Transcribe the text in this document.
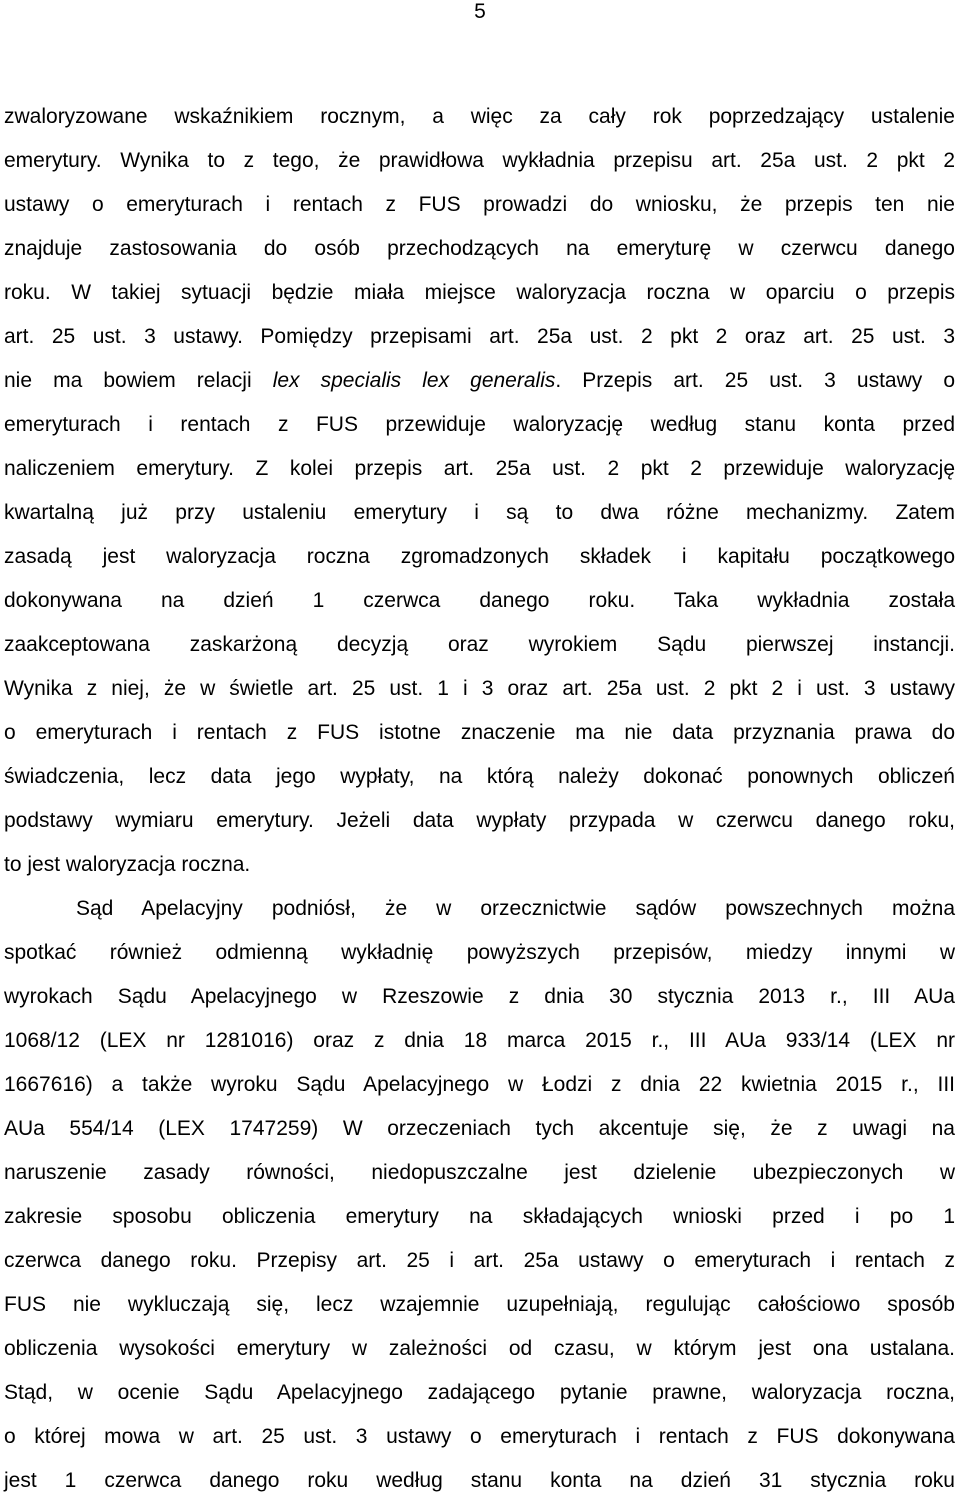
5
zwaloryzowane wskaźnikiem rocznym, a więc za cały rok poprzedzający ustalenie
emerytury. Wynika to z tego, że prawidłowa wykładnia przepisu art. 25a ust. 2 pkt 2
ustawy o emeryturach i rentach z FUS prowadzi do wniosku, że przepis ten nie
znajduje zastosowania do osób przechodzących na emeryturę w czerwcu danego
roku. W takiej sytuacji będzie miała miejsce waloryzacja roczna w oparciu o przepis
art. 25 ust. 3 ustawy. Pomiędzy przepisami art. 25a ust. 2 pkt 2 oraz art. 25 ust. 3
nie ma bowiem relacji lex specialis lex generalis. Przepis art. 25 ust. 3 ustawy o
emeryturach i rentach z FUS przewiduje waloryzację według stanu konta przed
naliczeniem emerytury. Z kolei przepis art. 25a ust. 2 pkt 2 przewiduje waloryzację
kwartalną już przy ustaleniu emerytury i są to dwa różne mechanizmy. Zatem
zasadą jest waloryzacja roczna zgromadzonych składek i kapitału początkowego
dokonywana na dzień 1 czerwca danego roku. Taka wykładnia została
zaakceptowana zaskarżoną decyzją oraz wyrokiem Sądu pierwszej instancji.
Wynika z niej, że w świetle art. 25 ust. 1 i 3 oraz art. 25a ust. 2 pkt 2 i ust. 3 ustawy
o emeryturach i rentach z FUS istotne znaczenie ma nie data przyznania prawa do
świadczenia, lecz data jego wypłaty, na którą należy dokonać ponownych obliczeń
podstawy wymiaru emerytury. Jeżeli data wypłaty przypada w czerwcu danego roku,
to jest waloryzacja roczna.
Sąd Apelacyjny podniósł, że w orzecznictwie sądów powszechnych można
spotkać również odmienną wykładnię powyższych przepisów, miedzy innymi w
wyrokach Sądu Apelacyjnego w Rzeszowie z dnia 30 stycznia 2013 r., III AUa
1068/12 (LEX nr 1281016) oraz z dnia 18 marca 2015 r., III AUa 933/14 (LEX nr
1667616) a także wyroku Sądu Apelacyjnego w Łodzi z dnia 22 kwietnia 2015 r., III
AUa 554/14 (LEX 1747259) W orzeczeniach tych akcentuje się, że z uwagi na
naruszenie zasady równości, niedopuszczalne jest dzielenie ubezpieczonych w
zakresie sposobu obliczenia emerytury na składających wnioski przed i po 1
czerwca danego roku. Przepisy art. 25 i art. 25a ustawy o emeryturach i rentach z
FUS nie wykluczają się, lecz wzajemnie uzupełniają, regulując całościowo sposób
obliczenia wysokości emerytury w zależności od czasu, w którym jest ona ustalana.
Stąd, w ocenie Sądu Apelacyjnego zadającego pytanie prawne, waloryzacja roczna,
o której mowa w art. 25 ust. 3 ustawy o emeryturach i rentach z FUS dokonywana
jest 1 czerwca danego roku według stanu konta na dzień 31 stycznia roku
